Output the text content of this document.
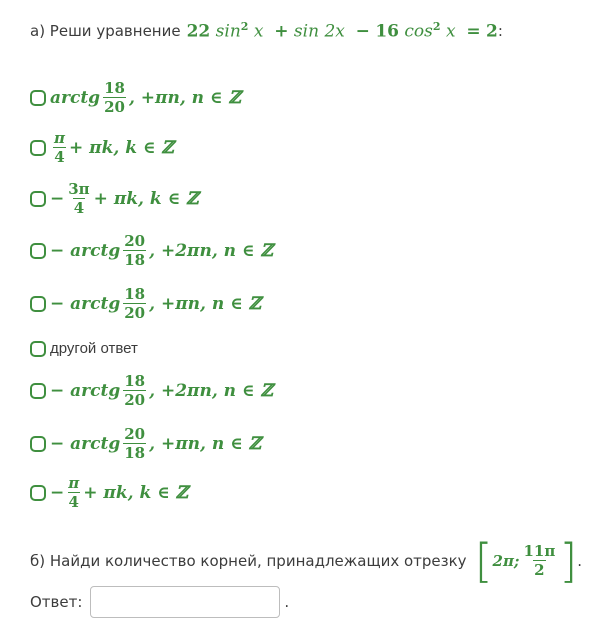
а) Реши уравнение 22 $\sin^2 x + \sin 2x - 16$ $\cos^2 x = 2$ :
arctg $\frac{18}{20}$ , +πn, n ∈ ℤ
$\frac{\pi}{4} + \pi k$, k ∈ ℤ
− $\frac{3\pi}{4} + \pi k$, k ∈ ℤ
− arctg $\frac{20}{18}$ , +2πn, n ∈ ℤ
− arctg $\frac{18}{20}$ , +πn, n ∈ ℤ
другой ответ
− arctg $\frac{18}{20}$ , +2πn, n ∈ ℤ
− arctg $\frac{20}{18}$ , +πn, n ∈ ℤ
− $\frac{\pi}{4} + \pi k$, k ∈ ℤ
б) Найди количество корней, принадлежащих отрезку [ 2π; $\frac{11\pi}{2}$ ] .
Ответ:	.
